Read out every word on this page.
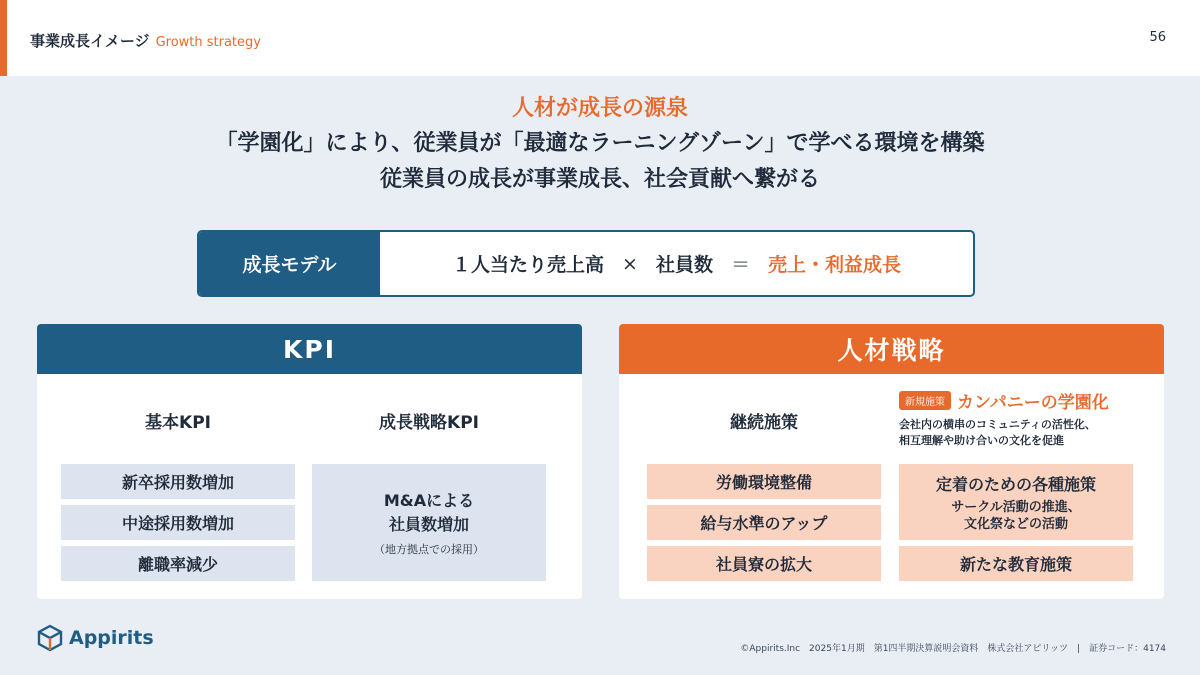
事業成長イメージ Growth strategy	56
人材が成長の源泉
「学園化」により、従業員が「最適なラーニングゾーン」で学べる環境を構築
従業員の成長が事業成長、社会貢献へ繋がる
成長モデル	１人当たり売上高 × 社員数 ＝ 売上・利益成長
KPI
基本KPI	成長戦略KPI
新卒採用数増加
中途採用数増加
離職率減少
M&Aによる
社員数増加
（地方拠点での採用）
人材戦略
継続施策
新規施策 カンパニーの学園化
会社内の横串のコミュニティの活性化、
相互理解や助け合いの文化を促進
労働環境整備
給与水準のアップ
社員寮の拡大
定着のための各種施策
サークル活動の推進、
文化祭などの活動
新たな教育施策
Appirits	©Appirits.Inc　2025年1月期　第1四半期決算説明会資料　株式会社アピリッツ　|　証券コード：4174
